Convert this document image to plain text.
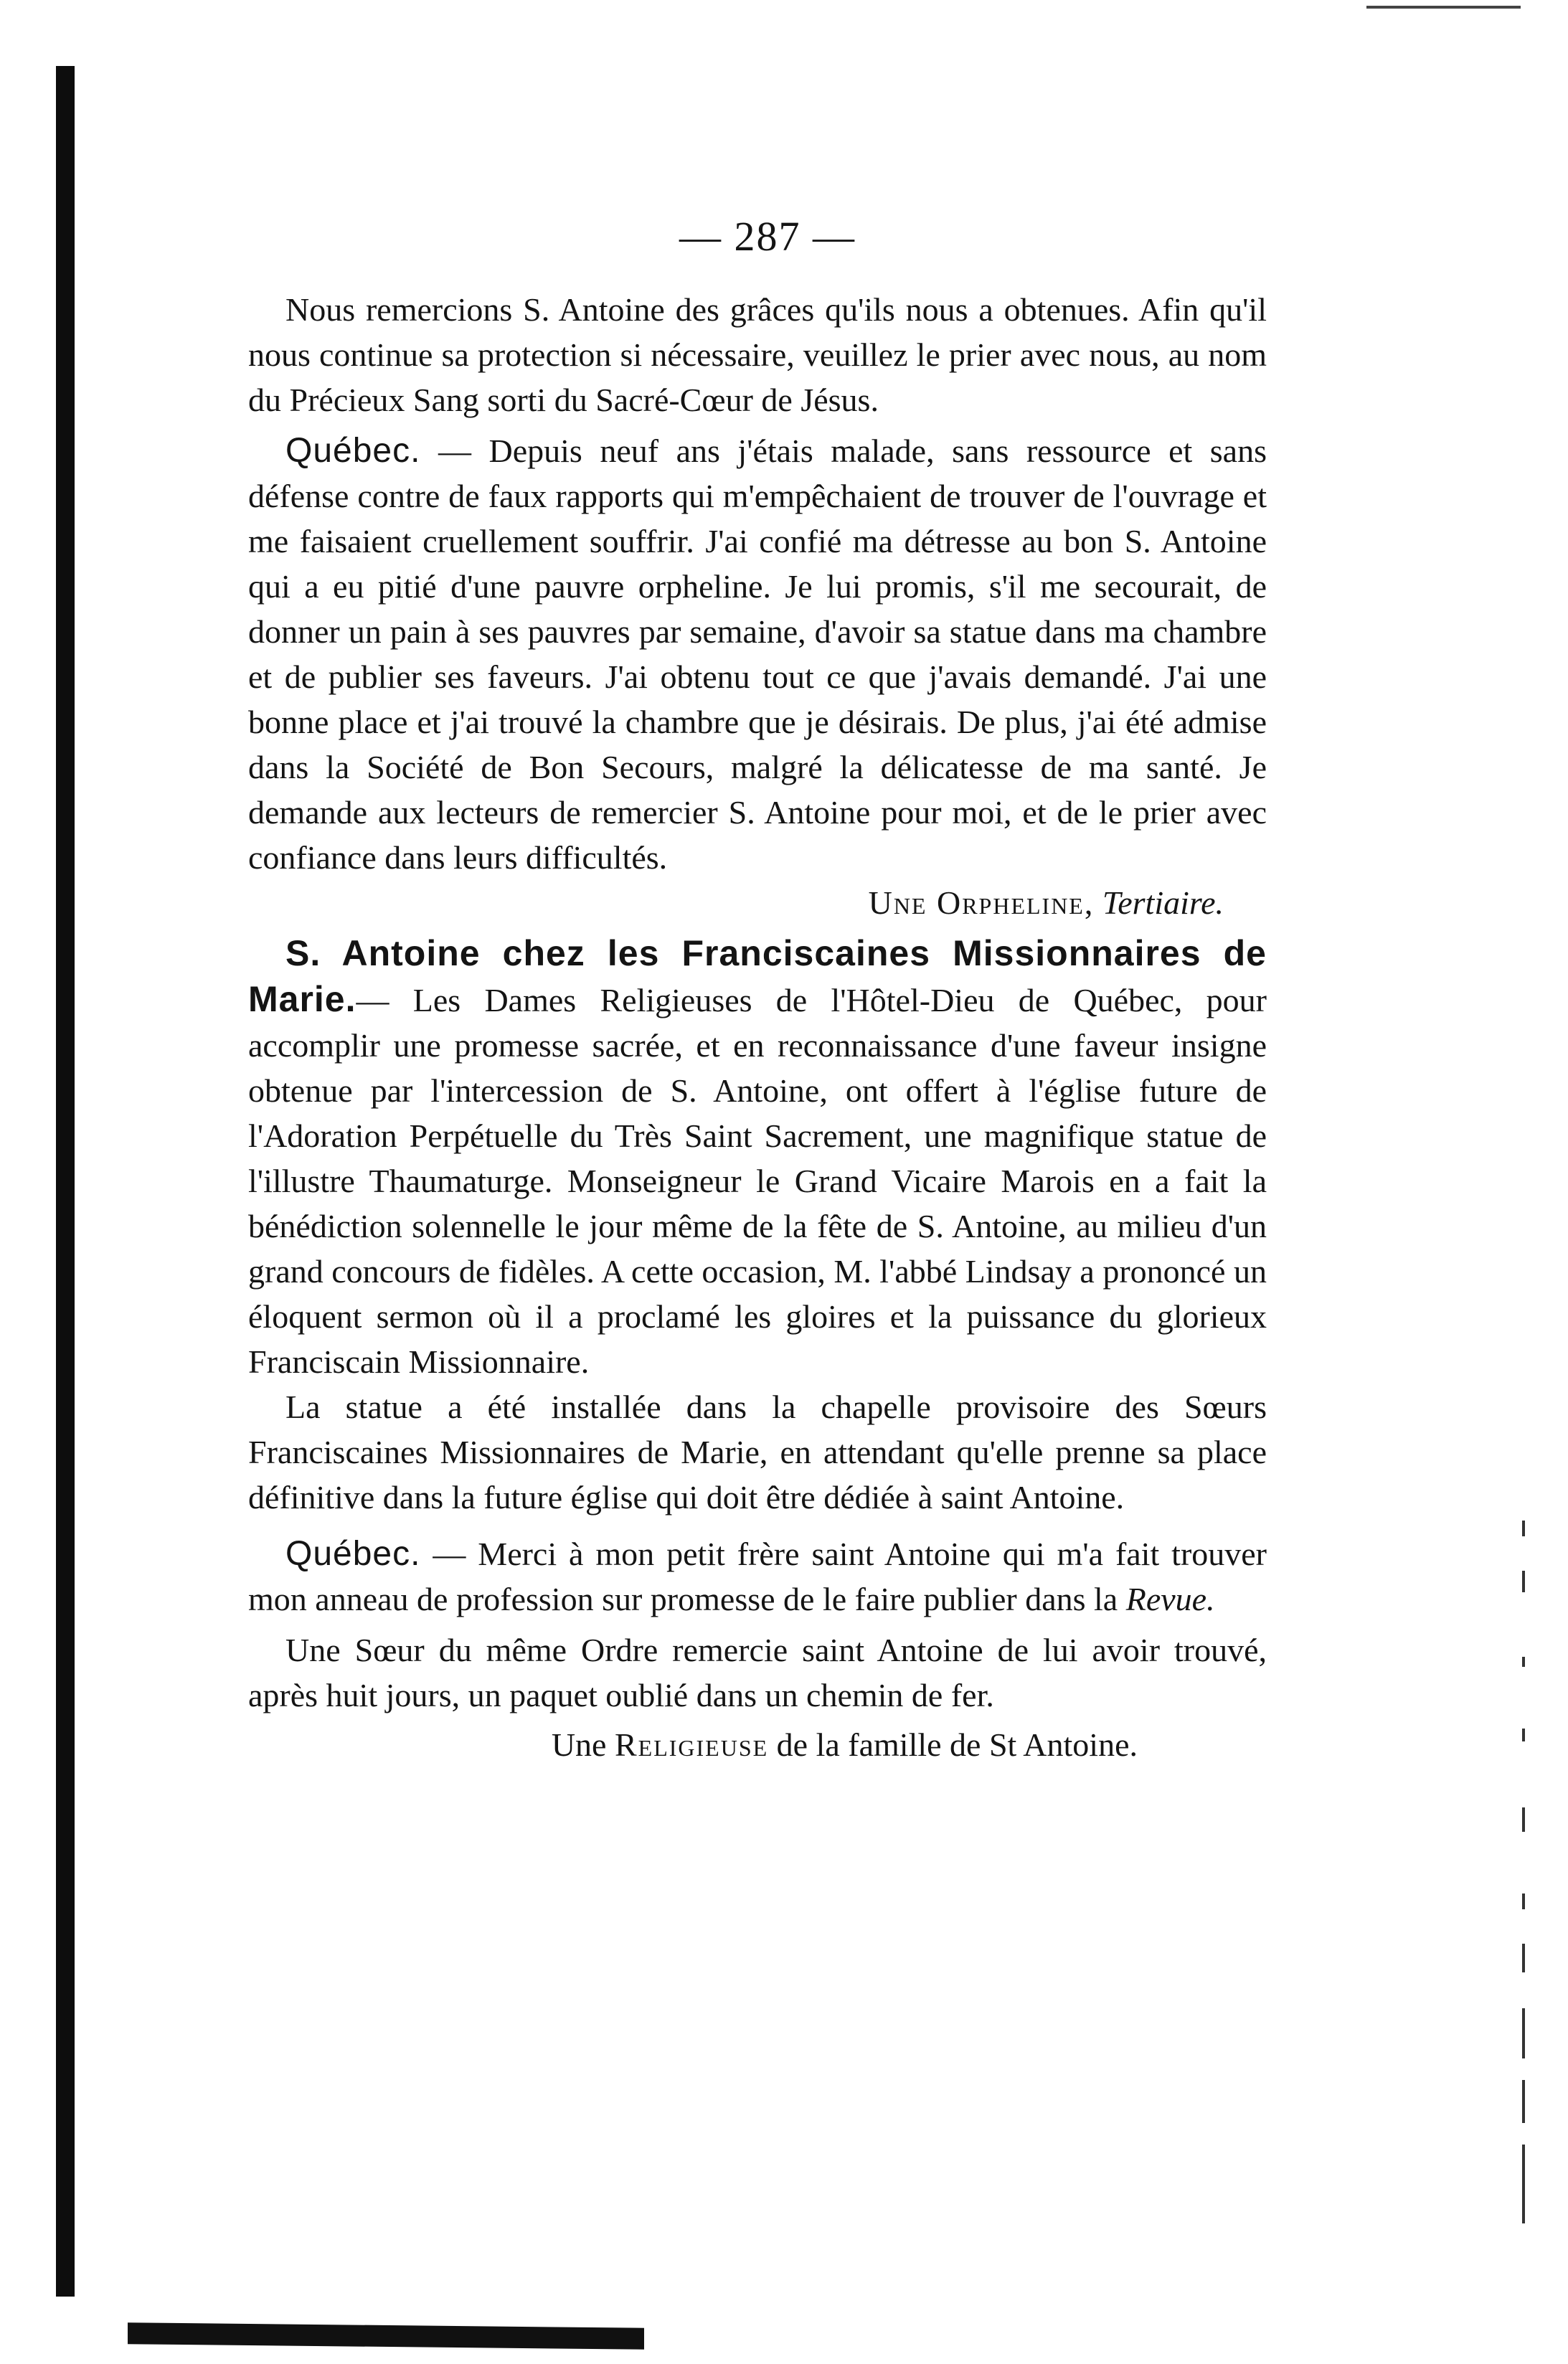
— 287 —

Nous remercions S. Antoine des grâces qu'ils nous a obtenues. Afin qu'il nous continue sa protection si nécessaire, veuillez le prier avec nous, au nom du Précieux Sang sorti du Sacré-Cœur de Jésus.

Québec. — Depuis neuf ans j'étais malade, sans ressource et sans défense contre de faux rapports qui m'empêchaient de trouver de l'ouvrage et me faisaient cruellement souffrir. J'ai confié ma détresse au bon S. Antoine qui a eu pitié d'une pauvre orpheline. Je lui promis, s'il me secourait, de donner un pain à ses pauvres par semaine, d'avoir sa statue dans ma chambre et de publier ses faveurs. J'ai obtenu tout ce que j'avais demandé. J'ai une bonne place et j'ai trouvé la chambre que je désirais. De plus, j'ai été admise dans la Société de Bon Secours, malgré la délicatesse de ma santé. Je demande aux lecteurs de remercier S. Antoine pour moi, et de le prier avec confiance dans leurs difficultés.

Une Orpheline, Tertiaire.

S. Antoine chez les Franciscaines Missionnaires de Marie.— Les Dames Religieuses de l'Hôtel-Dieu de Québec, pour accomplir une promesse sacrée, et en reconnaissance d'une faveur insigne obtenue par l'intercession de S. Antoine, ont offert à l'église future de l'Adoration Perpétuelle du Très Saint Sacrement, une magnifique statue de l'illustre Thaumaturge. Monseigneur le Grand Vicaire Marois en a fait la bénédiction solennelle le jour même de la fête de S. Antoine, au milieu d'un grand concours de fidèles. A cette occasion, M. l'abbé Lindsay a prononcé un éloquent sermon où il a proclamé les gloires et la puissance du glorieux Franciscain Missionnaire.

La statue a été installée dans la chapelle provisoire des Sœurs Franciscaines Missionnaires de Marie, en attendant qu'elle prenne sa place définitive dans la future église qui doit être dédiée à saint Antoine.

Québec. — Merci à mon petit frère saint Antoine qui m'a fait trouver mon anneau de profession sur promesse de le faire publier dans la Revue.

Une Sœur du même Ordre remercie saint Antoine de lui avoir trouvé, après huit jours, un paquet oublié dans un chemin de fer.

Une Religieuse de la famille de St Antoine.
